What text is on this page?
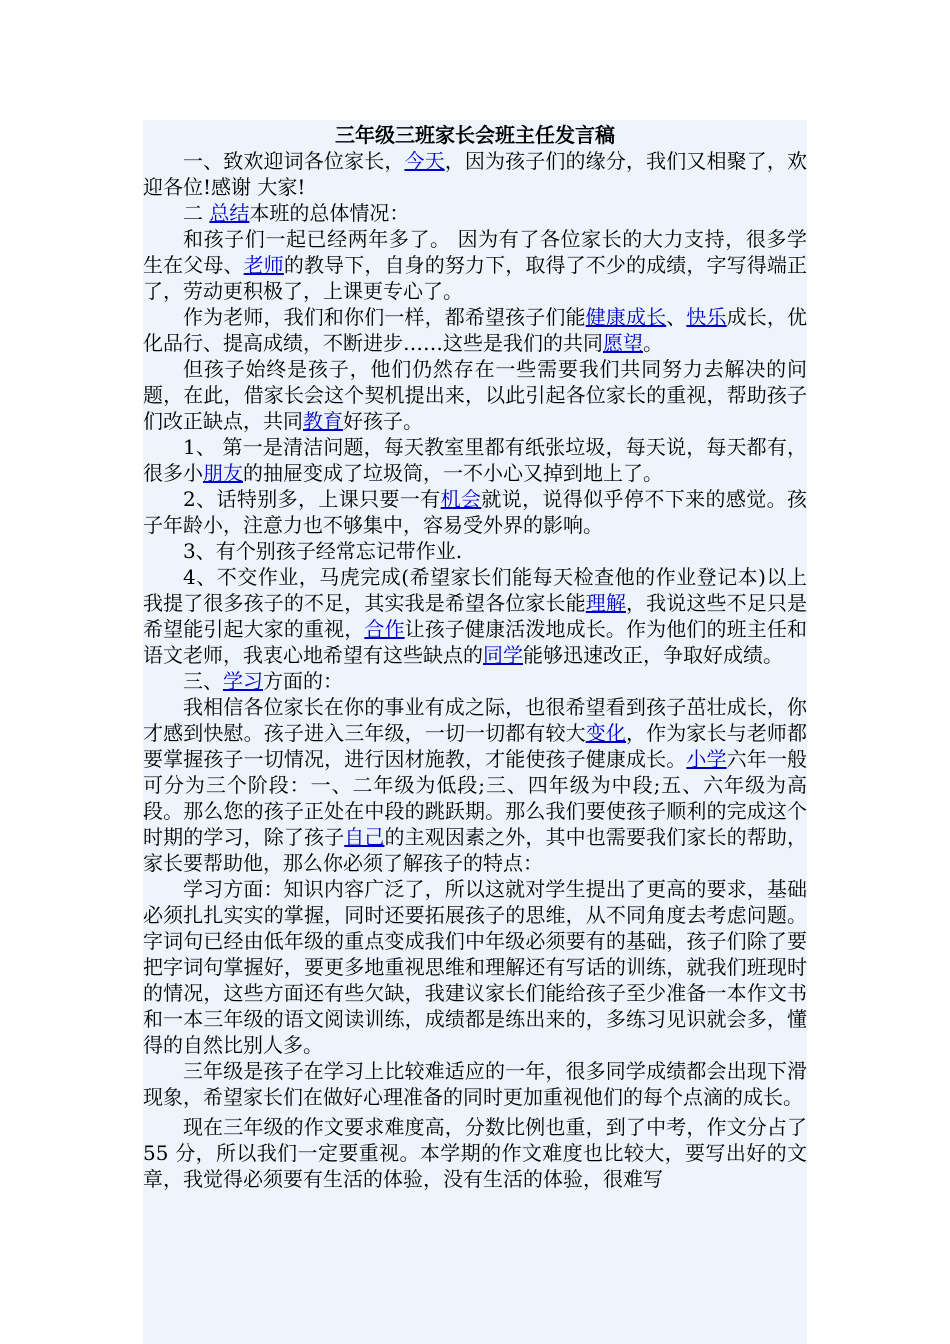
三年级三班家长会班主任发言稿
一、致欢迎词各位家长，今天，因为孩子们的缘分，我们又相聚了，欢迎各位!感谢 大家!
二 总结本班的总体情况：
和孩子们一起已经两年多了。 因为有了各位家长的大力支持，很多学生在父母、老师的教导下，自身的努力下，取得了不少的成绩，字写得端正了，劳动更积极了，上课更专心了。
作为老师，我们和你们一样，都希望孩子们能健康成长、快乐成长，优化品行、提高成绩，不断进步……这些是我们的共同愿望。
但孩子始终是孩子，他们仍然存在一些需要我们共同努力去解决的问题，在此，借家长会这个契机提出来，以此引起各位家长的重视，帮助孩子们改正缺点，共同教育好孩子。
1、 第一是清洁问题，每天教室里都有纸张垃圾，每天说，每天都有，很多小朋友的抽屉变成了垃圾筒，一不小心又掉到地上了。
2、话特别多，上课只要一有机会就说，说得似乎停不下来的感觉。孩子年龄小，注意力也不够集中，容易受外界的影响。
3、有个别孩子经常忘记带作业.
4、不交作业，马虎完成(希望家长们能每天检查他的作业登记本)以上我提了很多孩子的不足，其实我是希望各位家长能理解，我说这些不足只是希望能引起大家的重视，合作让孩子健康活泼地成长。作为他们的班主任和语文老师，我衷心地希望有这些缺点的同学能够迅速改正，争取好成绩。
三、学习方面的：
我相信各位家长在你的事业有成之际，也很希望看到孩子茁壮成长，你才感到快慰。孩子进入三年级，一切一切都有较大变化，作为家长与老师都要掌握孩子一切情况，进行因材施教，才能使孩子健康成长。小学六年一般可分为三个阶段：一、二年级为低段;三、四年级为中段;五、六年级为高段。那么您的孩子正处在中段的跳跃期。那么我们要使孩子顺利的完成这个时期的学习，除了孩子自己的主观因素之外，其中也需要我们家长的帮助，家长要帮助他，那么你必须了解孩子的特点：
学习方面：知识内容广泛了，所以这就对学生提出了更高的要求，基础必须扎扎实实的掌握，同时还要拓展孩子的思维，从不同角度去考虑问题。字词句已经由低年级的重点变成我们中年级必须要有的基础，孩子们除了要把字词句掌握好，要更多地重视思维和理解还有写话的训练，就我们班现时的情况，这些方面还有些欠缺，我建议家长们能给孩子至少准备一本作文书和一本三年级的语文阅读训练，成绩都是练出来的，多练习见识就会多，懂得的自然比别人多。
三年级是孩子在学习上比较难适应的一年，很多同学成绩都会出现下滑现象，希望家长们在做好心理准备的同时更加重视他们的每个点滴的成长。
现在三年级的作文要求难度高，分数比例也重，到了中考，作文分占了 55 分，所以我们一定要重视。本学期的作文难度也比较大，要写出好的文章，我觉得必须要有生活的体验，没有生活的体验，很难写
